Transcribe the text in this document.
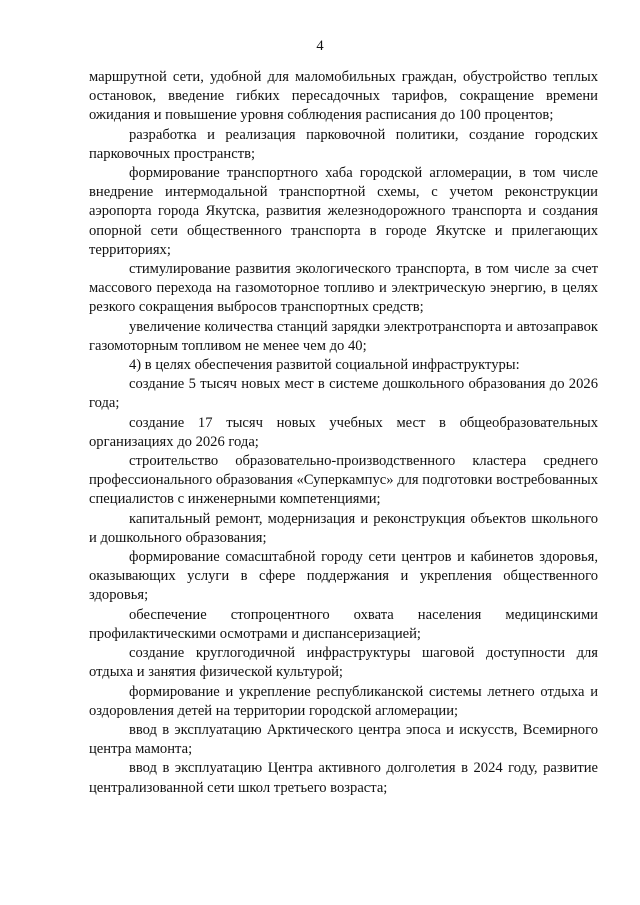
4

маршрутной сети, удобной для маломобильных граждан, обустройство теплых остановок, введение гибких пересадочных тарифов, сокращение времени ожидания и повышение уровня соблюдения расписания до 100 процентов;

разработка и реализация парковочной политики, создание городских парковочных пространств;

формирование транспортного хаба городской агломерации, в том числе внедрение интермодальной транспортной схемы, с учетом реконструкции аэропорта города Якутска, развития железнодорожного транспорта и создания опорной сети общественного транспорта в городе Якутске и прилегающих территориях;

стимулирование развития экологического транспорта, в том числе за счет массового перехода на газомоторное топливо и электрическую энергию, в целях резкого сокращения выбросов транспортных средств;

увеличение количества станций зарядки электротранспорта и автозаправок газомоторным топливом не менее чем до 40;

4) в целях обеспечения развитой социальной инфраструктуры:

создание 5 тысяч новых мест в системе дошкольного образования до 2026 года;

создание 17 тысяч новых учебных мест в общеобразовательных организациях до 2026 года;

строительство образовательно-производственного кластера среднего профессионального образования «Суперкампус» для подготовки востребованных специалистов с инженерными компетенциями;

капитальный ремонт, модернизация и реконструкция объектов школьного и дошкольного образования;

формирование сомасштабной городу сети центров и кабинетов здоровья, оказывающих услуги в сфере поддержания и укрепления общественного здоровья;

обеспечение стопроцентного охвата населения медицинскими профилактическими осмотрами и диспансеризацией;

создание круглогодичной инфраструктуры шаговой доступности для отдыха и занятия физической культурой;

формирование и укрепление республиканской системы летнего отдыха и оздоровления детей на территории городской агломерации;

ввод в эксплуатацию Арктического центра эпоса и искусств, Всемирного центра мамонта;

ввод в эксплуатацию Центра активного долголетия в 2024 году, развитие централизованной сети школ третьего возраста;
